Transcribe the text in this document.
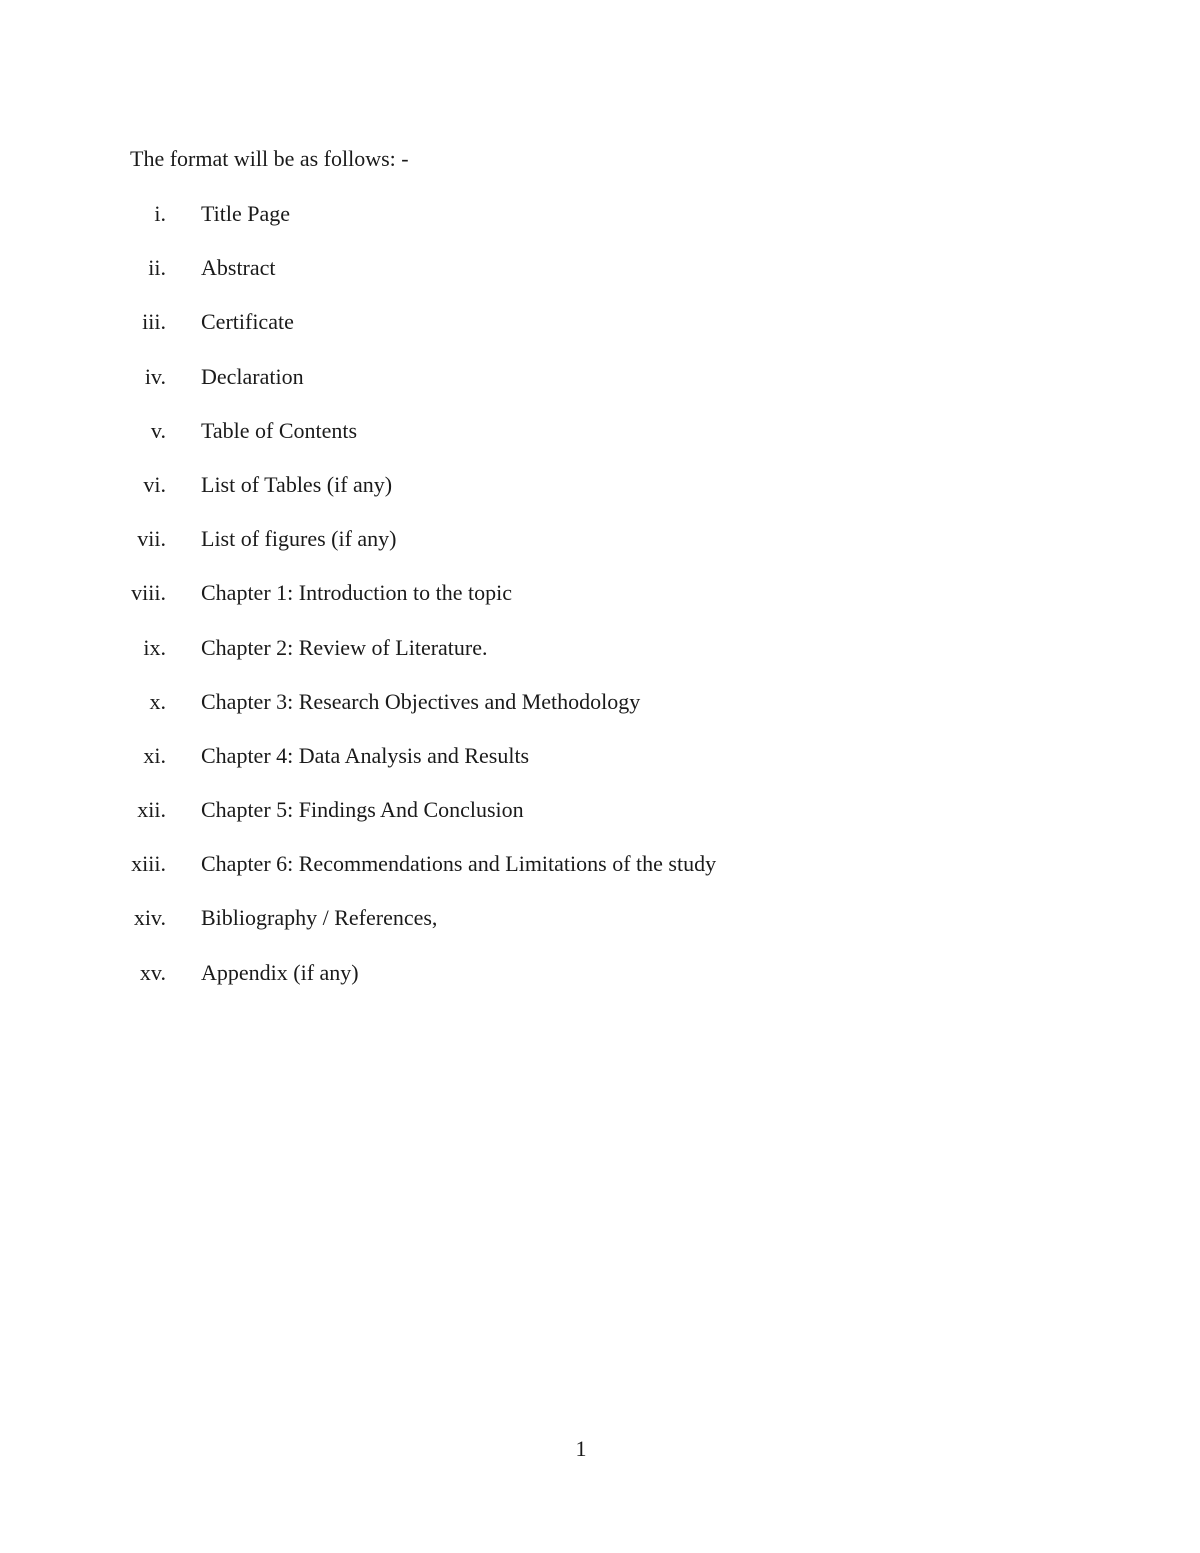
The format will be as follows: -
i. Title Page
ii. Abstract
iii. Certificate
iv. Declaration
v. Table of Contents
vi. List of Tables (if any)
vii. List of figures (if any)
viii. Chapter 1: Introduction to the topic
ix. Chapter 2: Review of Literature.
x. Chapter 3: Research Objectives and Methodology
xi. Chapter 4: Data Analysis and Results
xii. Chapter 5: Findings And Conclusion
xiii. Chapter 6: Recommendations and Limitations of the study
xiv. Bibliography / References,
xv. Appendix (if any)
1
